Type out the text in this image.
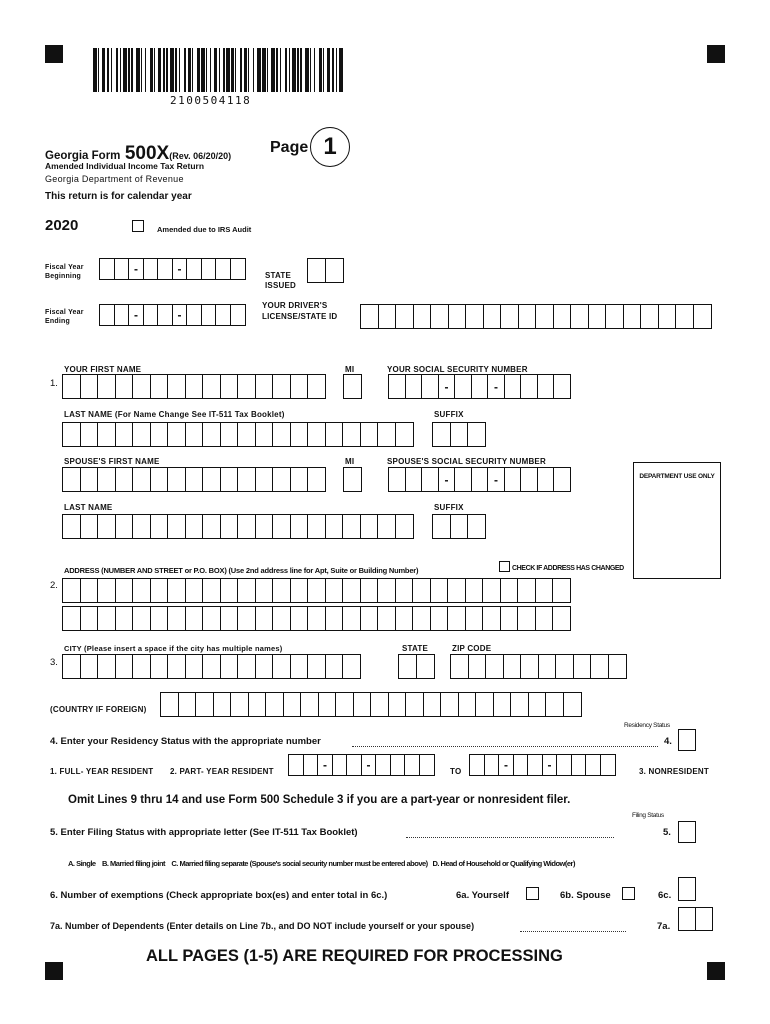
2100504118
Georgia Form 500X(Rev. 06/20/20) Page 1
Amended Individual Income Tax Return
Georgia Department of Revenue
This return is for calendar year
2020	Amended due to IRS Audit
Fiscal Year
Beginning
-
-
Fiscal Year
Ending
-
-
STATE
ISSUED
YOUR DRIVER'S
LICENSE/STATE ID
YOUR FIRST NAME	MI	YOUR SOCIAL SECURITY NUMBER
1.
-
-
LAST NAME (For Name Change See IT-511 Tax Booklet)	SUFFIX
SPOUSE'S FIRST NAME	MI	SPOUSE'S SOCIAL SECURITY NUMBER
-
-
LAST NAME	SUFFIX
DEPARTMENT USE ONLY
ADDRESS (NUMBER AND STREET or P.O. BOX) (Use 2nd address line for Apt, Suite or Building Number)	CHECK IF ADDRESS HAS CHANGED
2.
CITY (Please insert a space if the city has multiple names)	STATE	ZIP CODE
3.
(COUNTRY IF FOREIGN)
Residency Status
4. Enter your Residency Status with the appropriate number	4.
1. FULL- YEAR RESIDENT 2. PART- YEAR RESIDENT - -	TO - -	3. NONRESIDENT
Omit Lines 9 thru 14 and use Form 500 Schedule 3 if you are a part-year or nonresident filer.
Filing Status
5. Enter Filing Status with appropriate letter (See IT-511 Tax Booklet)	5.
A. Single B. Married filing joint C. Married filing separate (Spouse's social security number must be entered above) D. Head of Household or Qualifying Widow(er)
6. Number of exemptions (Check appropriate box(es) and enter total in 6c.)	6a. Yourself	6b. Spouse	6c.
7a. Number of Dependents (Enter details on Line 7b., and DO NOT include yourself or your spouse)	7a.
ALL PAGES (1-5) ARE REQUIRED FOR PROCESSING
